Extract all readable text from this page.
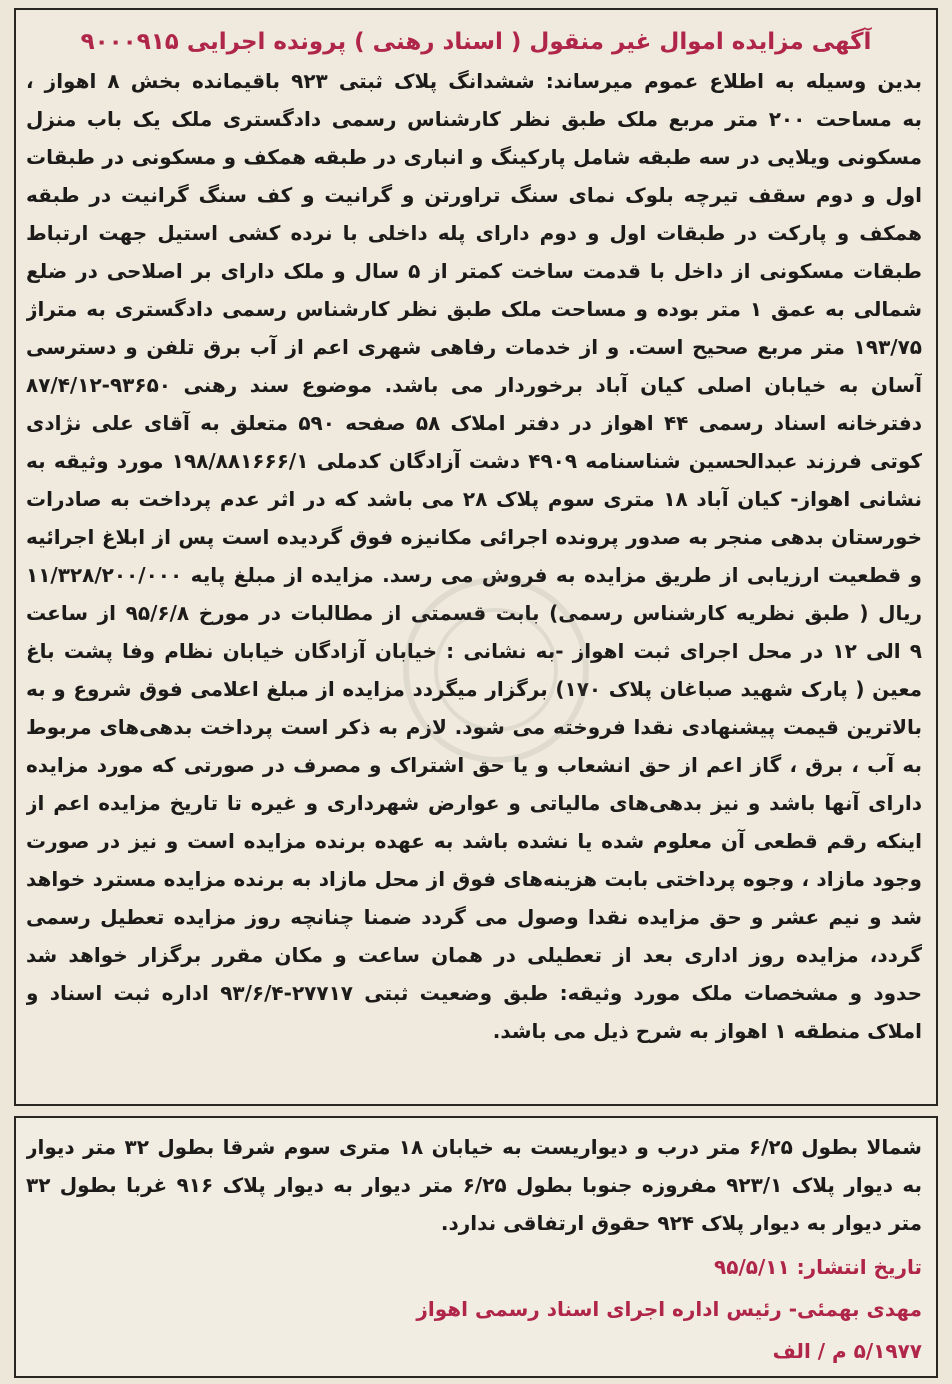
آگهی مزایده اموال غیر منقول ( اسناد رهنی ) پرونده اجرایی ۹۰۰۰۹۱۵
بدین وسیله به اطلاع عموم میرساند: ششدانگ پلاک ثبتی ۹۲۳ باقیمانده بخش ۸ اهواز ،
به مساحت ۲۰۰ متر مربع ملک طبق نظر کارشناس رسمی دادگستری ملک یک باب منزل
مسکونی ویلایی در سه طبقه شامل پارکینگ و انباری در طبقه همکف و مسکونی در طبقات
اول و دوم سقف تیرچه بلوک نمای سنگ تراورتن و گرانیت و کف سنگ گرانیت در طبقه
همکف و پارکت در طبقات اول و دوم دارای پله داخلی با نرده کشی استیل جهت ارتباط
طبقات مسکونی از داخل با قدمت ساخت کمتر از ۵ سال و ملک دارای بر اصلاحی در ضلع
شمالی به عمق ۱ متر بوده و مساحت ملک طبق نظر کارشناس رسمی دادگستری به متراژ
۱۹۳/۷۵ متر مربع صحیح است. و از خدمات رفاهی شهری اعم از آب برق تلفن و دسترسی
آسان به خیابان اصلی کیان آباد برخوردار می باشد. موضوع سند رهنی ۹۳۶۵۰-۸۷/۴/۱۲
دفترخانه اسناد رسمی ۴۴ اهواز در دفتر املاک ۵۸ صفحه ۵۹۰ متعلق به آقای علی نژادی
کوتی فرزند عبدالحسین شناسنامه ۴۹۰۹ دشت آزادگان کدملی ۱۹۸/۸۸۱۶۶۶/۱ مورد وثیقه به
نشانی اهواز- کیان آباد ۱۸ متری سوم پلاک ۲۸ می باشد که در اثر عدم پرداخت به صادرات
خورستان بدهی منجر به صدور پرونده اجرائی مکانیزه فوق گردیده است پس از ابلاغ اجرائیه
و قطعیت ارزیابی از طریق مزایده به فروش می رسد. مزایده از مبلغ پایه ۱۱/۳۲۸/۲۰۰/۰۰۰
ریال ( طبق نظریه کارشناس رسمی) بابت قسمتی از مطالبات در مورخ ۹۵/۶/۸ از ساعت
۹ الی ۱۲ در محل اجرای ثبت اهواز -به نشانی : خیابان آزادگان خیابان نظام وفا پشت باغ
معین ( پارک شهید صباغان پلاک ۱۷۰) برگزار میگردد مزایده از مبلغ اعلامی فوق شروع و به
بالاترین قیمت پیشنهادی نقدا فروخته می شود. لازم به ذکر است پرداخت بدهی‌های مربوط
به آب ، برق ، گاز اعم از حق انشعاب و یا حق اشتراک و مصرف در صورتی که مورد مزایده
دارای آنها باشد و نیز بدهی‌های مالیاتی و عوارض شهرداری و غیره تا تاریخ مزایده اعم از
اینکه رقم قطعی آن معلوم شده یا نشده باشد به عهده برنده مزایده است و نیز در صورت
وجود مازاد ، وجوه پرداختی بابت هزینه‌های فوق از محل مازاد به برنده مزایده مسترد خواهد
شد و نیم عشر و حق مزایده نقدا وصول می گردد ضمنا چنانچه روز مزایده تعطیل رسمی
گردد، مزایده روز اداری بعد از تعطیلی در همان ساعت و مکان مقرر برگزار خواهد شد
حدود و مشخصات ملک مورد وثیقه: طبق وضعیت ثبتی ۲۷۷۱۷-۹۳/۶/۴ اداره ثبت اسناد و
املاک منطقه ۱ اهواز به شرح ذیل می باشد.
شمالا بطول ۶/۲۵ متر درب و دیواریست به خیابان ۱۸ متری سوم شرقا بطول ۳۲ متر دیوار
به دیوار پلاک ۹۲۳/۱ مفروزه جنوبا بطول ۶/۲۵ متر دیوار به دیوار پلاک ۹۱۶ غربا بطول ۳۲
متر دیوار به دیوار پلاک ۹۲۴ حقوق ارتفاقی ندارد.
تاریخ انتشار: ۹۵/۵/۱۱
مهدی بهمئی- رئیس اداره اجرای اسناد رسمی اهواز
۵/۱۹۷۷ م / الف
